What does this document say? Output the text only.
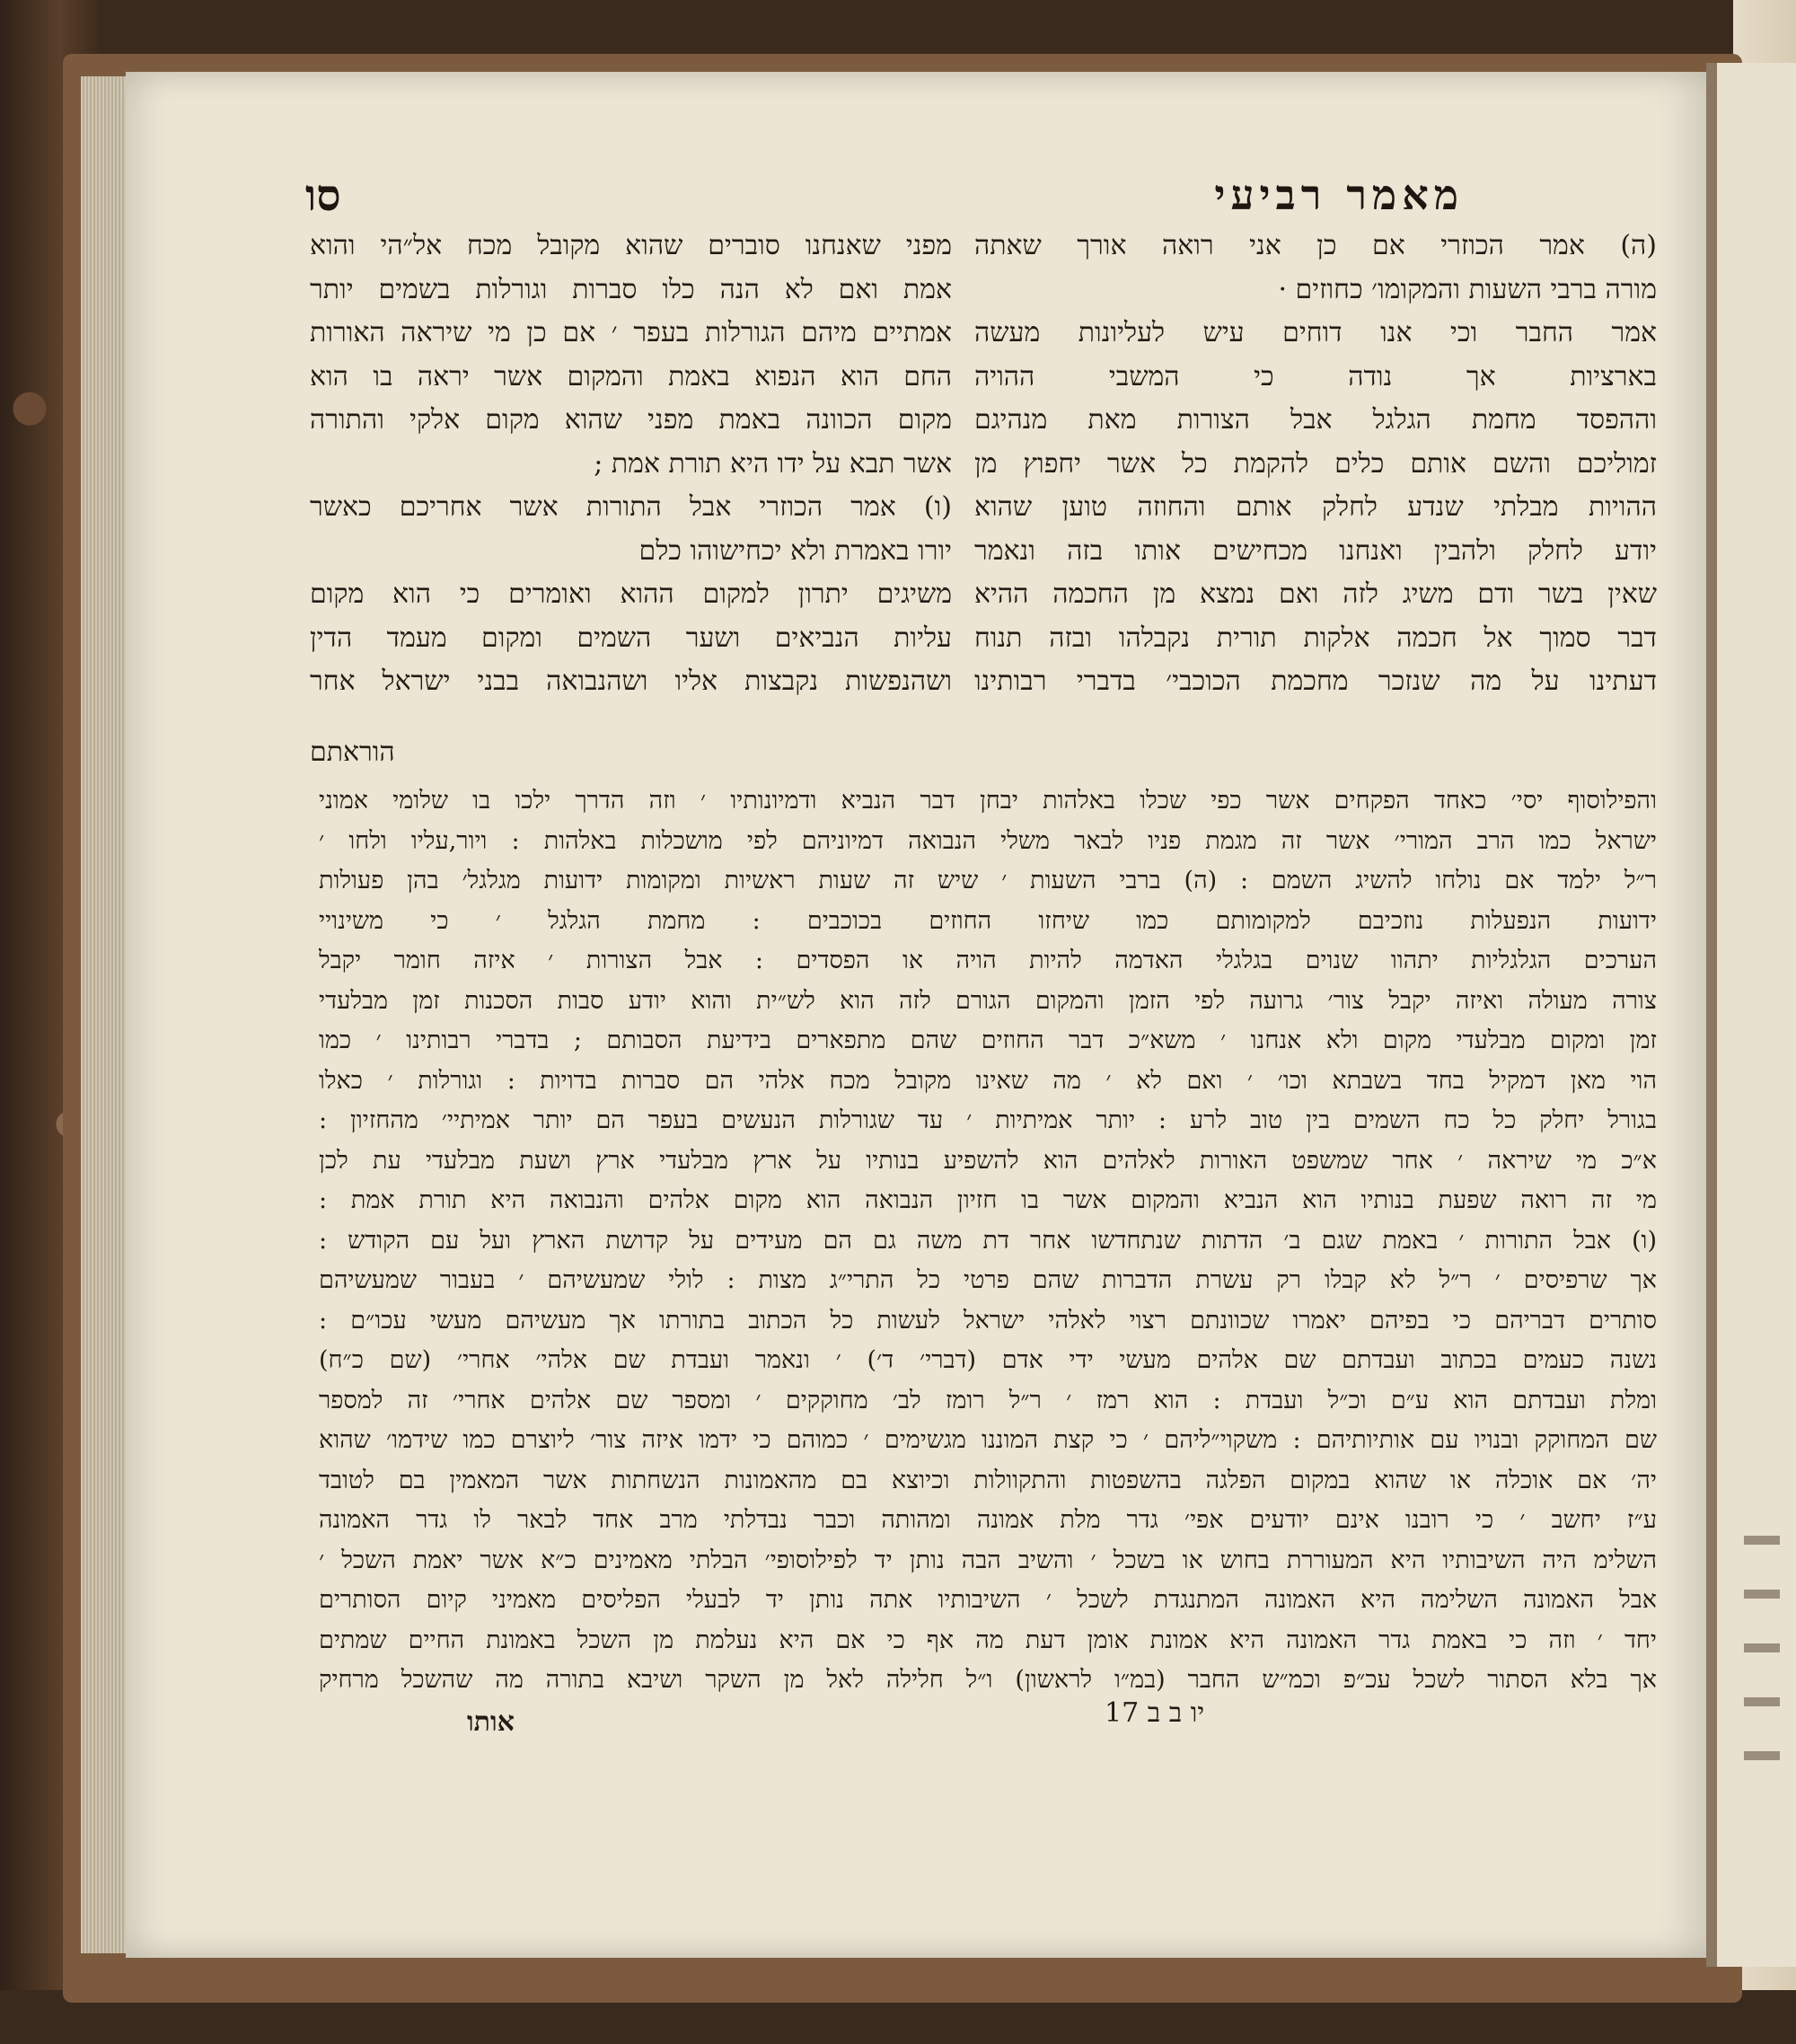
סו	מאמר רביעי

(ה) אמר הכוזרי אם כן אני רואה אורך שאתה

מורה ברבי השעות והמקומו׳ כחוזים ·

אמר החבר וכי אנו דוחים עיש לעליונות מעשה

בארציות אך נודה כי המשבי ההויה

וההפסד מחמת הגלגל אבל הצורות מאת מנהיגם

זמוליכם והשם אותם כלים להקמת כל אשר יחפוץ מן

ההויות מבלתי שנדע לחלק אותם והחוזה טוען שהוא

יודע לחלק ולהבין ואנחנו מכחישים אותו בזה ונאמר

שאין בשר ודם משיג לזה ואם נמצא מן החכמה ההיא

דבר סמוך אל חכמה אלקות תורית נקבלהו ובזה תנוח

דעתינו על מה שנזכר מחכמת הכוכבי׳ בדברי רבותינו

מפני שאנחנו סוברים שהוא מקובל מכח אל״הי והוא

אמת ואם לא הנה כלו סברות וגורלות בשמים יותר

אמתיים מיהם הגורלות בעפר ׳ אם כן מי שיראה האורות

החם הוא הנפוא באמת והמקום אשר יראה בו הוא

מקום הכוונה באמת מפני שהוא מקום אלקי והתורה

אשר תבא על ידו היא תורת אמת ;

(ו) אמר הכוזרי אבל התורות אשר אחריכם כאשר

יורו באמרת ולא יכחישוהו כלם

משיגים יתרון למקום ההוא ואומרים כי הוא מקום

עליות הנביאים ושער השמים ומקום מעמד הדין

ושהנפשות נקבצות אליו ושהנבואה בבני ישראל אחר

הוראתם

והפילוסוף יסי׳ כאחד הפקחים אשר כפי שכלו באלהות יבחן דבר הנביא ודמיונותיו ׳ וזה הדרך ילכו בו שלומי אמוני

ישראל כמו הרב המורי׳ אשר זה מגמת פניו לבאר משלי הנבואה דמיוניהם לפי מושכלות באלהות : ויור,עליו ולחו ׳

ר״ל ילמד אם נולחו להשיג השמם : (ה) ברבי השעות ׳ שיש זה שעות ראשיות ומקומות ידועות מגלגל׳ בהן פעולות

ידועות הנפעלות נוזכיבם למקומותם כמו שיחזו החוזים בכוכבים : מחמת הגלגל ׳ כי משינויי

הערכים הגלגליות יתהוו שנוים בגלגלי האדמה להיות הויה או הפסדים : אבל הצורות ׳ איזה חומר יקבל

צורה מעולה ואיזה יקבל צור׳ גרועה לפי הזמן והמקום הגורם לזה הוא לש״ית והוא יודע סבות הסכנות זמן מבלעדי

זמן ומקום מבלעדי מקום ולא אנחנו ׳ משא״כ דבר החוזים שהם מתפארים בידיעת הסבותם ; בדברי רבותינו ׳ כמו

הוי מאן דמקיל בחד בשבתא וכו׳ ׳ ואם לא ׳ מה שאינו מקובל מכח אלהי הם סברות בדויות : וגורלות ׳ כאלו

בגורל יחלק כל כח השמים בין טוב לרע : יותר אמיתיות ׳ עד שגורלות הנעשים בעפר הם יותר אמיתיי׳ מהחזיון :

א״כ מי שיראה ׳ אחר שמשפט האורות לאלהים הוא להשפיע בנותיו על ארץ מבלעדי ארץ ושעת מבלעדי עת לכן

מי זה רואה שפעת בנותיו הוא הנביא והמקום אשר בו חזיון הנבואה הוא מקום אלהים והנבואה היא תורת אמת :

(ו) אבל התורות ׳ באמת שגם ב׳ הדתות שנתחדשו אחר דת משה גם הם מעידים על קדושת הארץ ועל עם הקודש :

אך שרפיסים ׳ ר״ל לא קבלו רק עשרת הדברות שהם פרטי כל התרי״ג מצות : לולי שמעשיהם ׳ בעבור שמעשיהם

סותרים דבריהם כי בפיהם יאמרו שכוונתם רצוי לאלהי ישראל לעשות כל הכתוב בתורתו אך מעשיהם מעשי עכו״ם :

נשנה כעמים בכתוב ועבדתם שם אלהים מעשי ידי אדם (דברי׳ ד׳) ׳ ונאמר ועבדת שם אלהי׳ אחרי׳ (שם כ״ח)

ומלת ועבדתם הוא ע״ם וכ״ל ועבדת : הוא רמז ׳ ר״ל רומז לב׳ מחוקקים ׳ ומספר שם אלהים אחרי׳ זה למספר

שם המחוקק ובנויו עם אותיותיהם : משקוי״ליהם ׳ כי קצת המוננו מגשימים ׳ כמוהם כי ידמו איזה צור׳ ליוצרם כמו שידמו׳ שהוא

יה׳ אם אוכלה או שהוא במקום הפלגה בהשפטות והתקוולות וכיוצא בם מהאמונות הנשחתות אשר המאמין בם לטובד

ע״ז יחשב ׳ כי רובנו אינם יודעים אפי׳ גדר מלת אמונה ומהותה וכבר נבדלתי מרב אחד לבאר לו גדר האמונה

השלימ היה השיבותיו היא המעוררת בחוש או בשכל ׳ והשיב הבה נותן יד לפילוסופי׳ הבלתי מאמינים כ״א אשר יאמת השכל ׳

אבל האמונה השלימה היא האמונה המתנגדת לשכל ׳ השיבותיו אתה נותן יד לבעלי הפליסים מאמיני קיום הסותרים

יחד ׳ וזה כי באמת גדר האמונה היא אמונת אומן דעת מה אף כי אם היא נעלמת מן השכל באמונת החיים שמתים

אך בלא הסתור לשכל עכ״פ וכמ״ש החבר (במ״ו לראשון) ו״ל חלילה לאל מן השקר ושיבא בתורה מה שהשכל מרחיק

יו ב ב 17
אותו
